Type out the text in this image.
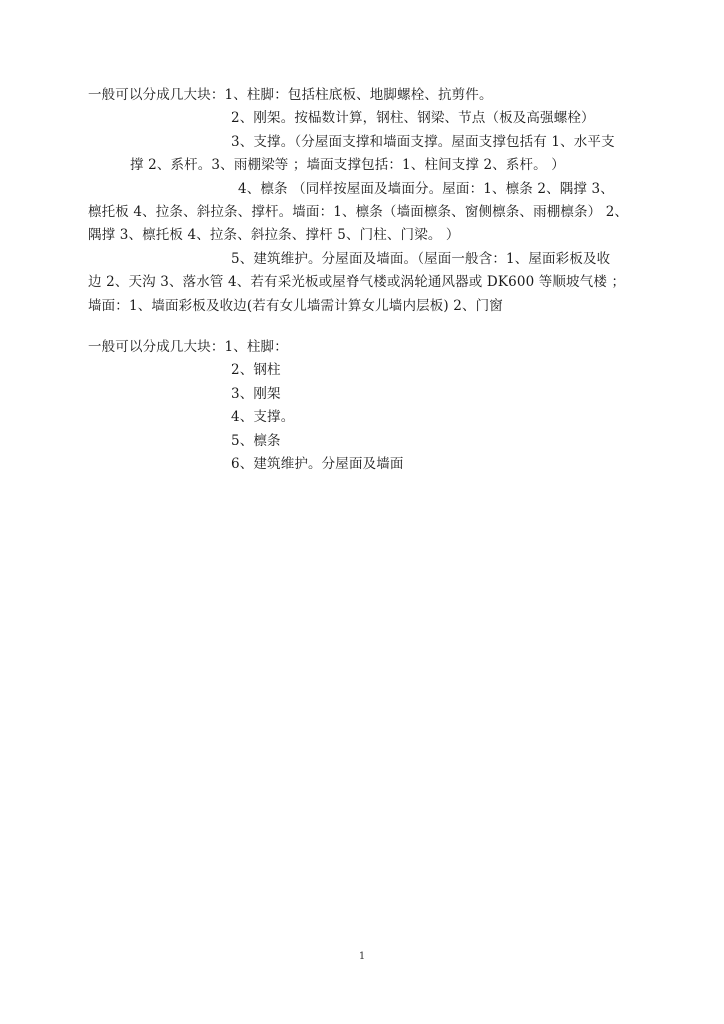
一般可以分成几大块：1、柱脚：包括柱底板、地脚螺栓、抗剪件。
2、刚架。按榀数计算，钢柱、钢梁、节点（板及高强螺栓）
3、支撑。（分屋面支撑和墙面支撑。屋面支撑包括有 1、水平支
撑 2、系杆。3、雨棚梁等 ；墙面支撑包括：1、柱间支撑 2、系杆。 ）
4、檩条 （同样按屋面及墙面分。屋面：1、檩条 2、隅撑 3、
檩托板 4、拉条、斜拉条、撑杆。墙面：1、檩条（墙面檩条、窗侧檩条、雨棚檩条） 2、
隅撑 3、檩托板 4、拉条、斜拉条、撑杆 5、门柱、门梁。 ）
5、建筑维护。分屋面及墙面。（屋面一般含：1、屋面彩板及收
边 2、天沟 3、落水管 4、若有采光板或屋脊气楼或涡轮通风器或 DK600 等顺坡气楼 ；
墙面：1、墙面彩板及收边(若有女儿墙需计算女儿墙内层板) 2、门窗
一般可以分成几大块：1、柱脚：
2、钢柱
3、刚架
4、支撑。
5、檩条
6、建筑维护。分屋面及墙面
1
